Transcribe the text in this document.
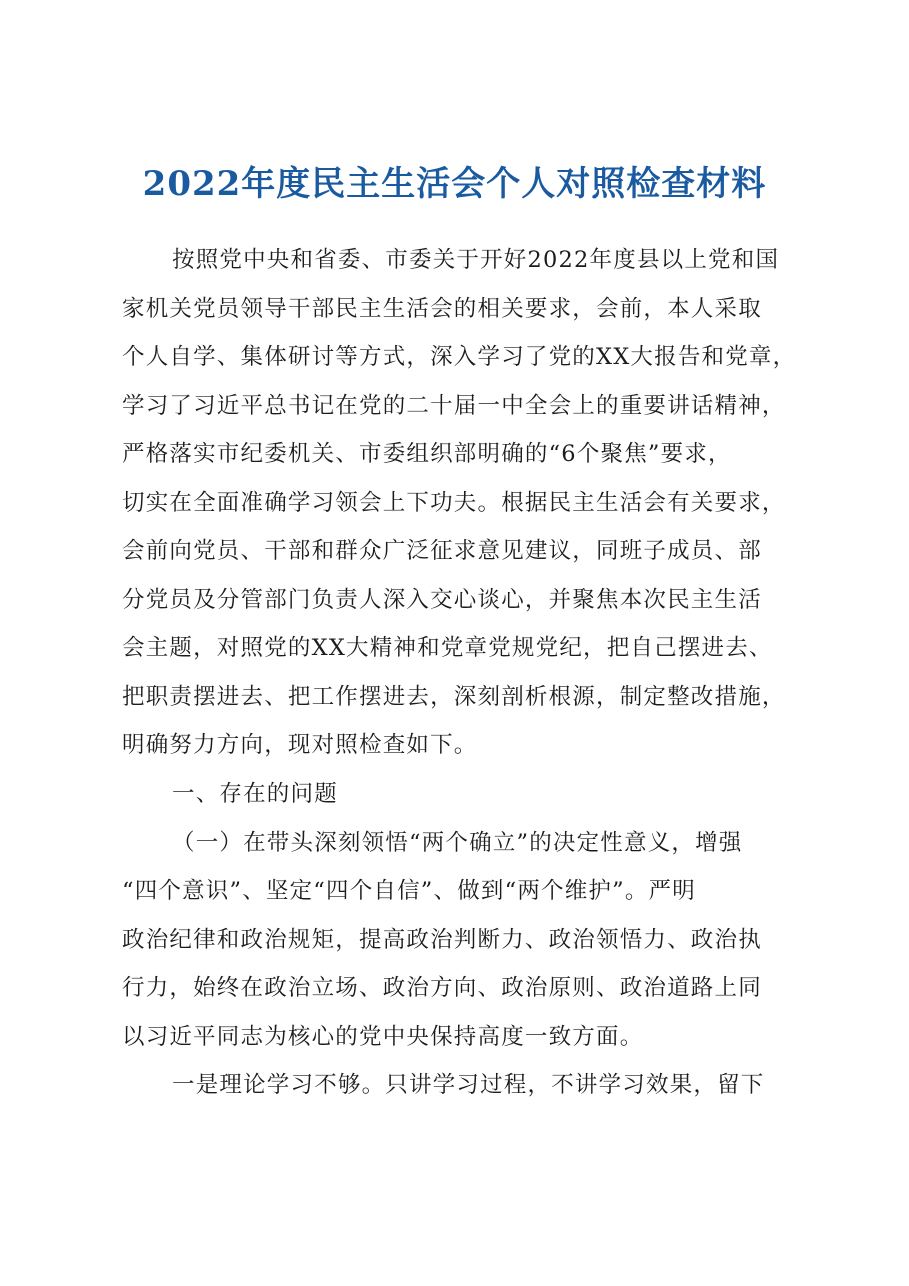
2022年度民主生活会个人对照检查材料

按照党中央和省委、市委关于开好2022年度县以上党和国

家机关党员领导干部民主生活会的相关要求，会前，本人采取

个人自学、集体研讨等方式，深入学习了党的XX大报告和党章，

学习了习近平总书记在党的二十届一中全会上的重要讲话精神，

严格落实市纪委机关、市委组织部明确的“6个聚焦”要求，

切实在全面准确学习领会上下功夫。根据民主生活会有关要求，

会前向党员、干部和群众广泛征求意见建议，同班子成员、部

分党员及分管部门负责人深入交心谈心，并聚焦本次民主生活

会主题，对照党的XX大精神和党章党规党纪，把自己摆进去、

把职责摆进去、把工作摆进去，深刻剖析根源，制定整改措施，

明确努力方向，现对照检查如下。

一、存在的问题

（一）在带头深刻领悟“两个确立”的决定性意义，增强

“四个意识”、坚定“四个自信”、做到“两个维护”。严明

政治纪律和政治规矩，提高政治判断力、政治领悟力、政治执

行力，始终在政治立场、政治方向、政治原则、政治道路上同

以习近平同志为核心的党中央保持高度一致方面。

一是理论学习不够。只讲学习过程，不讲学习效果，留下
